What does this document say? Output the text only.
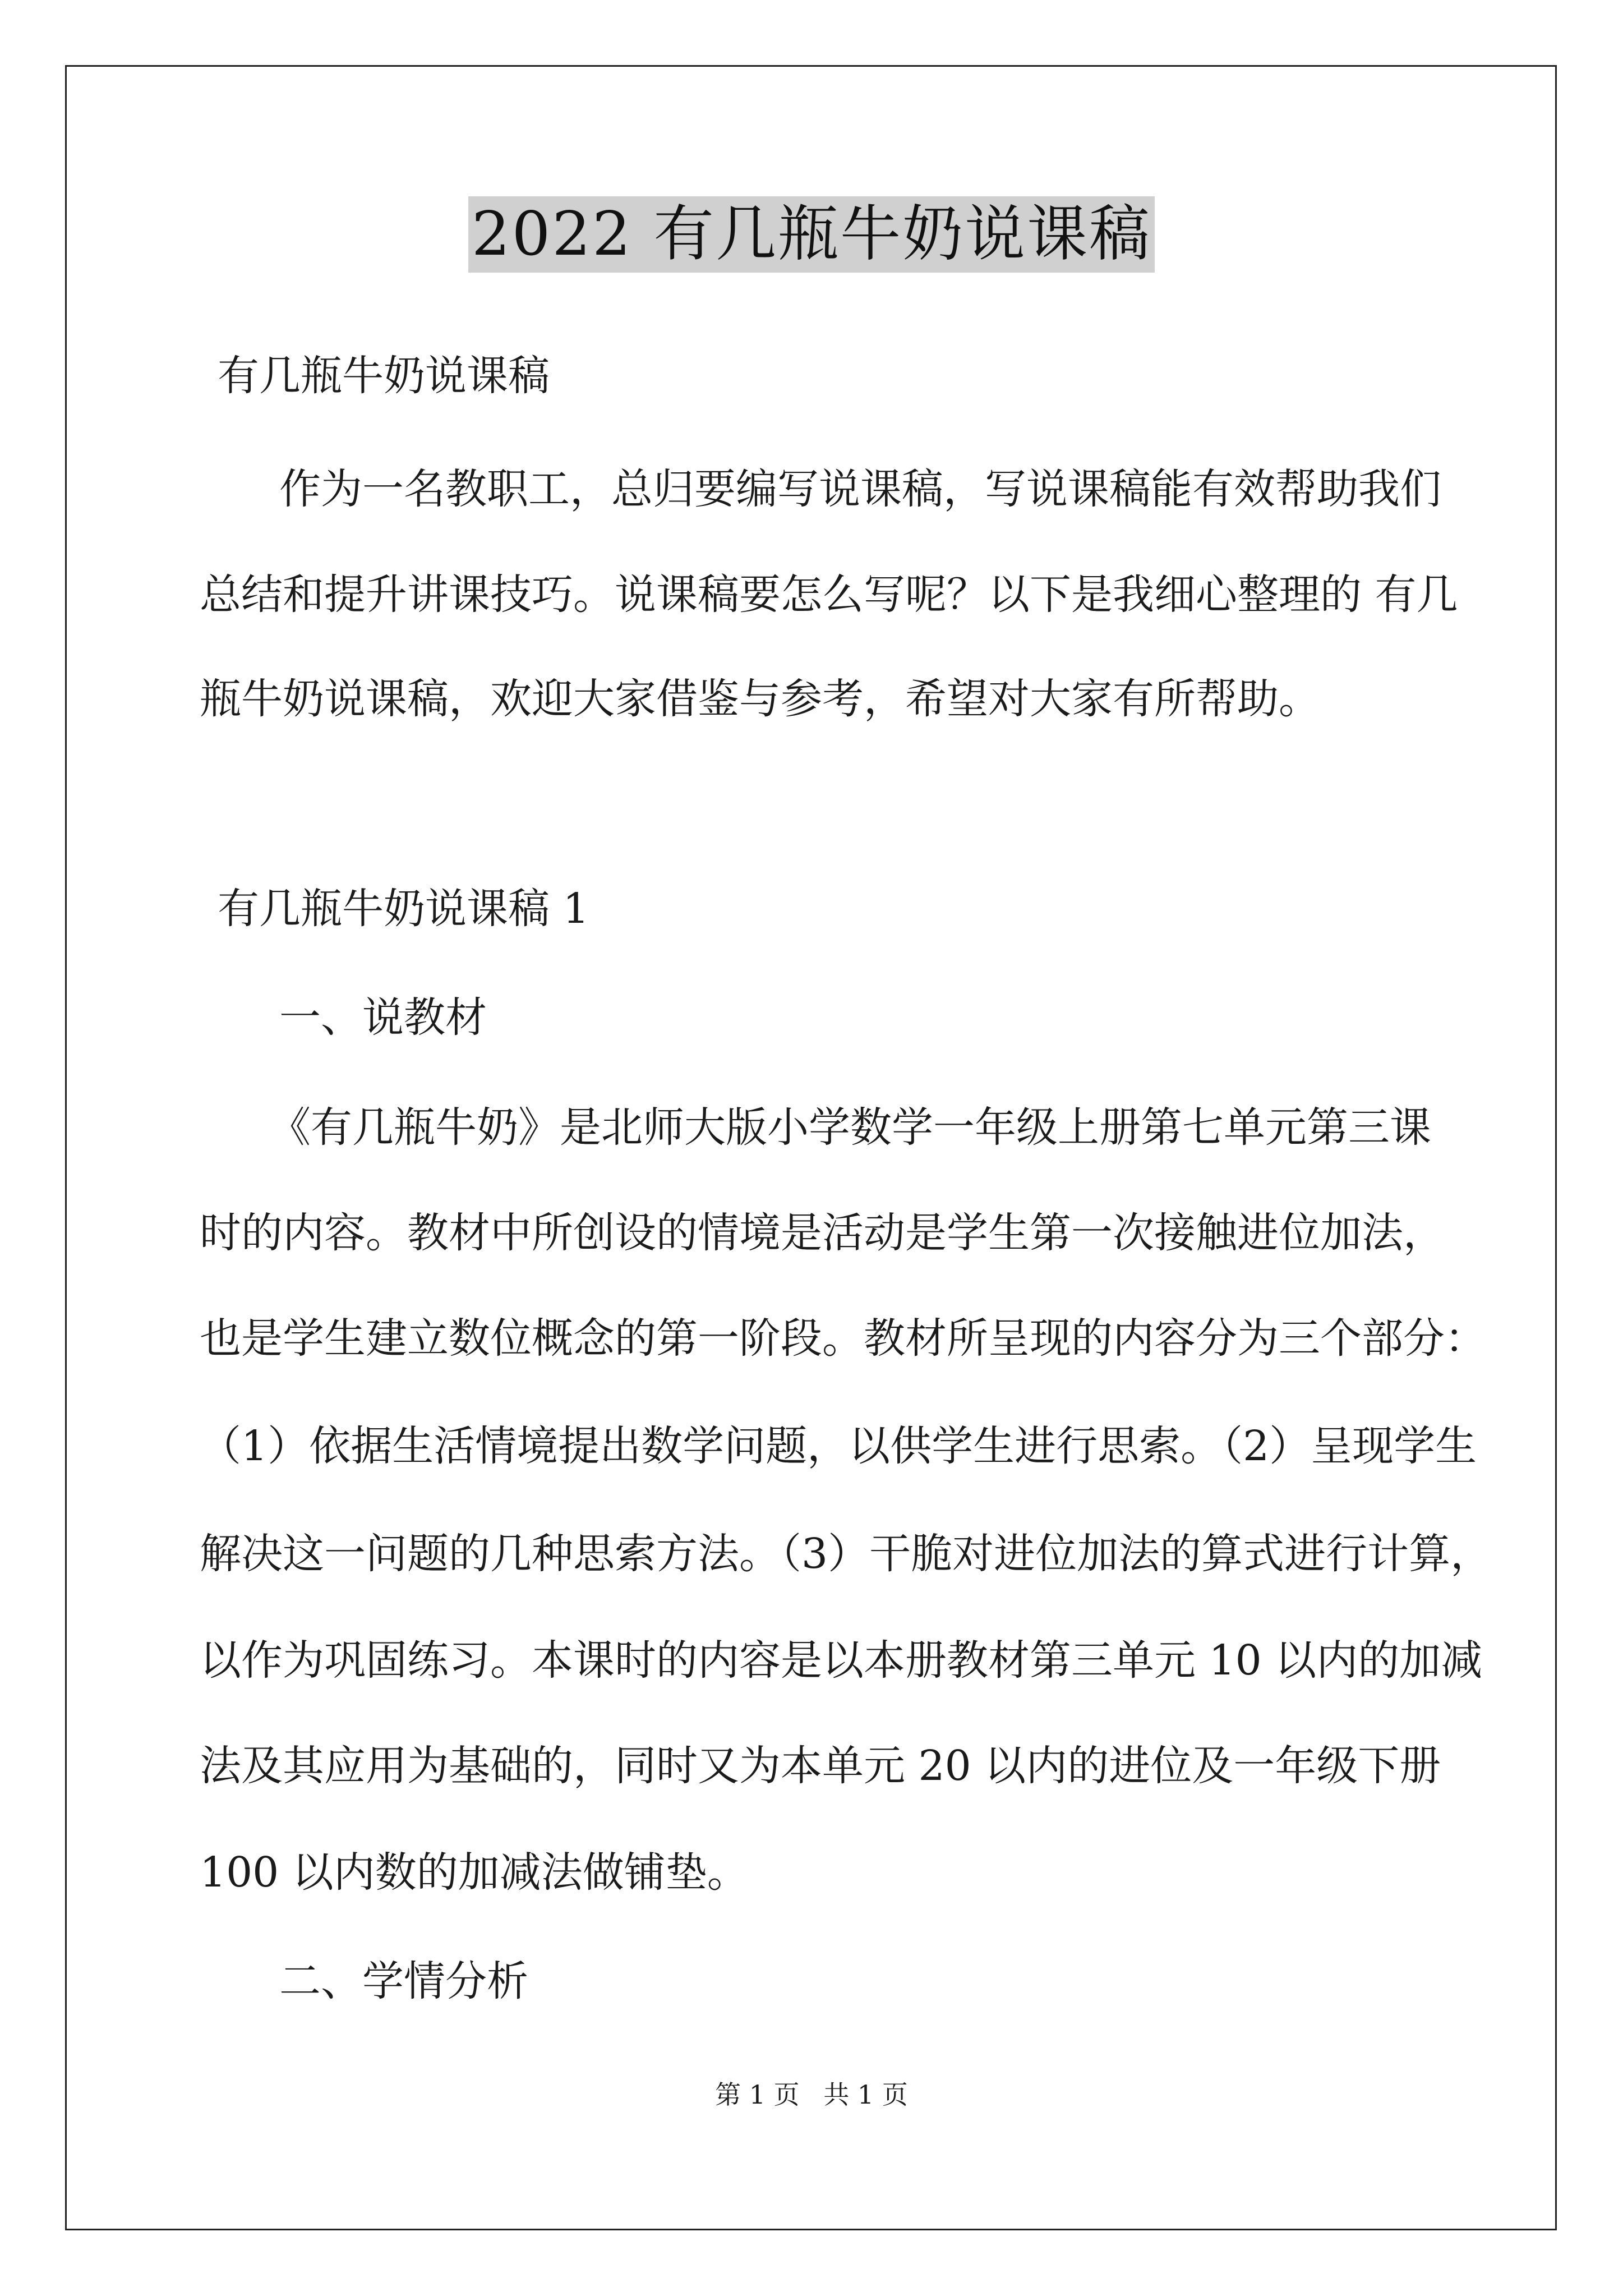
2022 有几瓶牛奶说课稿
有几瓶牛奶说课稿
作为一名教职工，总归要编写说课稿，写说课稿能有效帮助我们
总结和提升讲课技巧。说课稿要怎么写呢？以下是我细心整理的 有几
瓶牛奶说课稿，欢迎大家借鉴与参考，希望对大家有所帮助。
有几瓶牛奶说课稿 1
一、说教材
《有几瓶牛奶》是北师大版小学数学一年级上册第七单元第三课
时的内容。教材中所创设的情境是活动是学生第一次接触进位加法，
也是学生建立数位概念的第一阶段。教材所呈现的内容分为三个部分：
（1）依据生活情境提出数学问题，以供学生进行思索。（2）呈现学生
解决这一问题的几种思索方法。（3）干脆对进位加法的算式进行计算，
以作为巩固练习。本课时的内容是以本册教材第三单元 10 以内的加减
法及其应用为基础的，同时又为本单元 20 以内的进位及一年级下册
100 以内数的加减法做铺垫。
二、学情分析
第 1 页 共 1 页
